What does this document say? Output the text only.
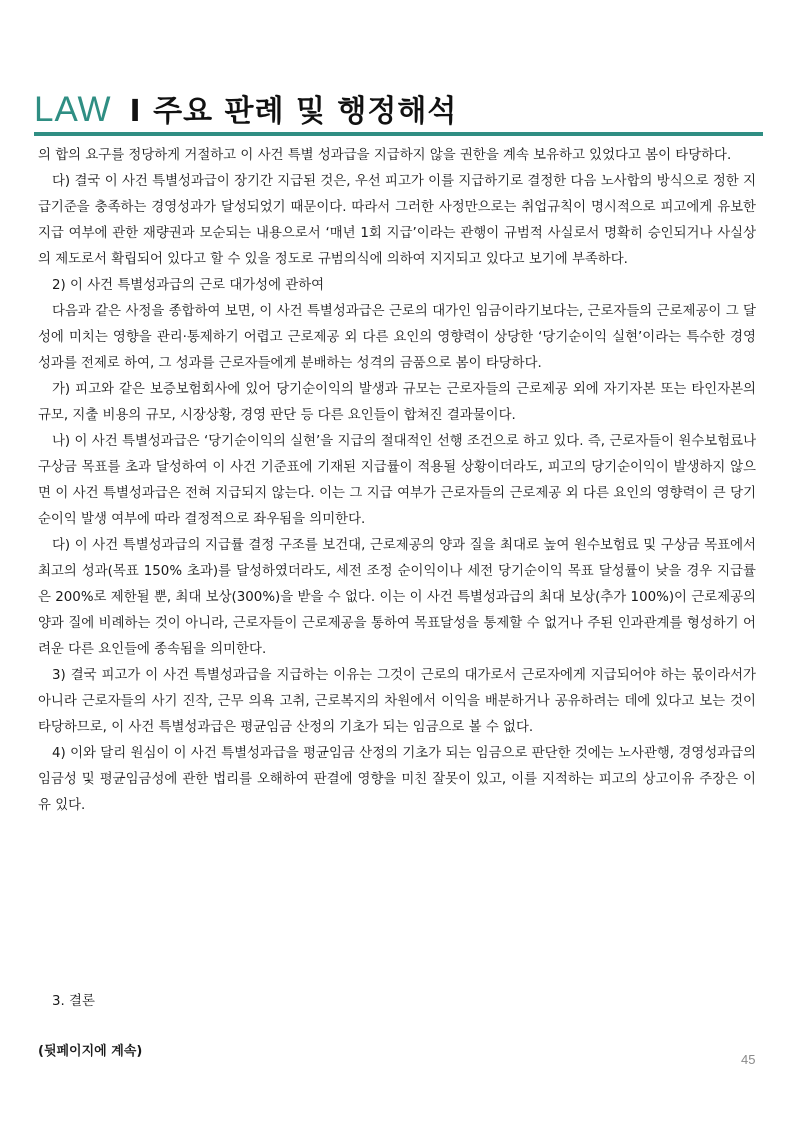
LAW I 주요 판례 및 행정해석

의 합의 요구를 정당하게 거절하고 이 사건 특별 성과급을 지급하지 않을 권한을 계속 보유하고 있었다고 봄이 타당하다.

다) 결국 이 사건 특별성과급이 장기간 지급된 것은, 우선 피고가 이를 지급하기로 결정한 다음 노사합의 방식으로 정한 지급기준을 충족하는 경영성과가 달성되었기 때문이다. 따라서 그러한 사정만으로는 취업규칙이 명시적으로 피고에게 유보한 지급 여부에 관한 재량권과 모순되는 내용으로서 ‘매년 1회 지급’이라는 관행이 규범적 사실로서 명확히 승인되거나 사실상의 제도로서 확립되어 있다고 할 수 있을 정도로 규범의식에 의하여 지지되고 있다고 보기에 부족하다.

2) 이 사건 특별성과급의 근로 대가성에 관하여

다음과 같은 사정을 종합하여 보면, 이 사건 특별성과급은 근로의 대가인 임금이라기보다는, 근로자들의 근로제공이 그 달성에 미치는 영향을 관리·통제하기 어렵고 근로제공 외 다른 요인의 영향력이 상당한 ‘당기순이익 실현’이라는 특수한 경영성과를 전제로 하여, 그 성과를 근로자들에게 분배하는 성격의 금품으로 봄이 타당하다.

가) 피고와 같은 보증보험회사에 있어 당기순이익의 발생과 규모는 근로자들의 근로제공 외에 자기자본 또는 타인자본의 규모, 지출 비용의 규모, 시장상황, 경영 판단 등 다른 요인들이 합쳐진 결과물이다.

나) 이 사건 특별성과급은 ‘당기순이익의 실현’을 지급의 절대적인 선행 조건으로 하고 있다. 즉, 근로자들이 원수보험료나 구상금 목표를 초과 달성하여 이 사건 기준표에 기재된 지급률이 적용될 상황이더라도, 피고의 당기순이익이 발생하지 않으면 이 사건 특별성과급은 전혀 지급되지 않는다. 이는 그 지급 여부가 근로자들의 근로제공 외 다른 요인의 영향력이 큰 당기순이익 발생 여부에 따라 결정적으로 좌우됨을 의미한다.

다) 이 사건 특별성과급의 지급률 결정 구조를 보건대, 근로제공의 양과 질을 최대로 높여 원수보험료 및 구상금 목표에서 최고의 성과(목표 150% 초과)를 달성하였더라도, 세전 조정 순이익이나 세전 당기순이익 목표 달성률이 낮을 경우 지급률은 200%로 제한될 뿐, 최대 보상(300%)을 받을 수 없다. 이는 이 사건 특별성과급의 최대 보상(추가 100%)이 근로제공의 양과 질에 비례하는 것이 아니라, 근로자들이 근로제공을 통하여 목표달성을 통제할 수 없거나 주된 인과관계를 형성하기 어려운 다른 요인들에 종속됨을 의미한다.

3) 결국 피고가 이 사건 특별성과급을 지급하는 이유는 그것이 근로의 대가로서 근로자에게 지급되어야 하는 몫이라서가 아니라 근로자들의 사기 진작, 근무 의욕 고취, 근로복지의 차원에서 이익을 배분하거나 공유하려는 데에 있다고 보는 것이 타당하므로, 이 사건 특별성과급은 평균임금 산정의 기초가 되는 임금으로 볼 수 없다.

4) 이와 달리 원심이 이 사건 특별성과급을 평균임금 산정의 기초가 되는 임금으로 판단한 것에는 노사관행, 경영성과급의 임금성 및 평균임금성에 관한 법리를 오해하여 판결에 영향을 미친 잘못이 있고, 이를 지적하는 피고의 상고이유 주장은 이유 있다.

3. 결론
(뒷페이지에 계속)
45
